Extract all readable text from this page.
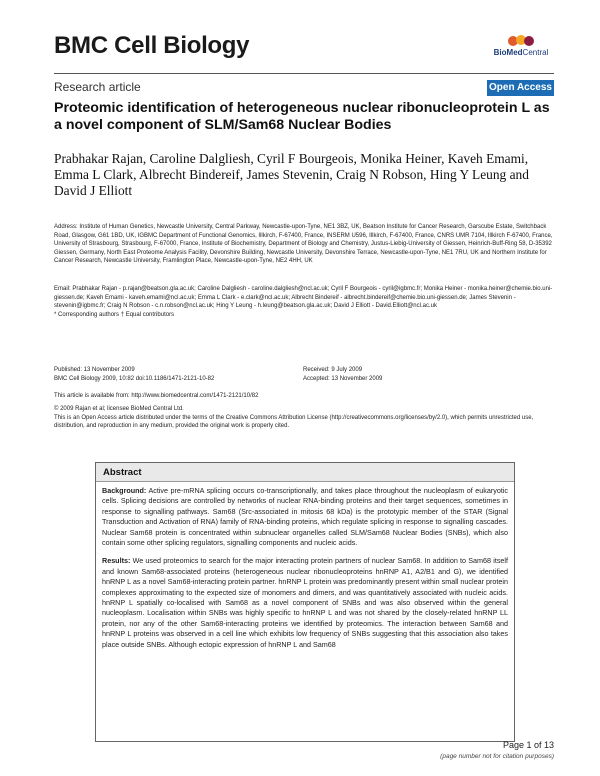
BMC Cell Biology	BioMedCentral
Research article	Open Access
Proteomic identification of heterogeneous nuclear ribonucleoprotein L as a novel component of SLM/Sam68 Nuclear Bodies
Prabhakar Rajan, Caroline Dalgliesh, Cyril F Bourgeois, Monika Heiner, Kaveh Emami, Emma L Clark, Albrecht Bindereif, James Stevenin, Craig N Robson, Hing Y Leung and David J Elliott
Address: Institute of Human Genetics, Newcastle University, Central Parkway, Newcastle-upon-Tyne, NE1 3BZ, UK, Beatson Institute for Cancer Research, Garscube Estate, Switchback Road, Glasgow, G61 1BD, UK, IGBMC Department of Functional Genomics, Illkirch, F-67400, France, INSERM U596, Illkirch, F-67400, France, CNRS UMR 7104, Illkirch F-67400, France, University of Strasbourg, Strasbourg, F-67000, France, Institute of Biochemistry, Department of Biology and Chemistry, Justus-Liebig-University of Giessen, Heinrich-Buff-Ring 58, D-35392 Giessen, Germany, North East Proteome Analysis Facility, Devonshire Building, Newcastle University, Devonshire Terrace, Newcastle-upon-Tyne, NE1 7RU, UK and Northern Institute for Cancer Research, Newcastle University, Framlington Place, Newcastle-upon-Tyne, NE2 4HH, UK
Email: Prabhakar Rajan - p.rajan@beatson.gla.ac.uk; Caroline Dalgliesh - caroline.dalgliesh@ncl.ac.uk; Cyril F Bourgeois - cyril@igbmc.fr; Monika Heiner - monika.heiner@chemie.bio.uni-giessen.de; Kaveh Emami - kaveh.emami@ncl.ac.uk; Emma L Clark - e.clark@ncl.ac.uk; Albrecht Bindereif - albrecht.bindereif@chemie.bio.uni-giessen.de; James Stevenin - stevenin@igbmc.fr; Craig N Robson - c.n.robson@ncl.ac.uk; Hing Y Leung - h.leung@beatson.gla.ac.uk; David J Elliott - David.Elliott@ncl.ac.uk
* Corresponding authors † Equal contributors
Published: 13 November 2009
BMC Cell Biology 2009, 10:82 doi:10.1186/1471-2121-10-82
Received: 9 July 2009
Accepted: 13 November 2009
This article is available from: http://www.biomedcentral.com/1471-2121/10/82
© 2009 Rajan et al; licensee BioMed Central Ltd.
This is an Open Access article distributed under the terms of the Creative Commons Attribution License (http://creativecommons.org/licenses/by/2.0), which permits unrestricted use, distribution, and reproduction in any medium, provided the original work is properly cited.
Abstract

Background: Active pre-mRNA splicing occurs co-transcriptionally, and takes place throughout the nucleoplasm of eukaryotic cells. Splicing decisions are controlled by networks of nuclear RNA-binding proteins and their target sequences, sometimes in response to signalling pathways. Sam68 (Src-associated in mitosis 68 kDa) is the prototypic member of the STAR (Signal Transduction and Activation of RNA) family of RNA-binding proteins, which regulate splicing in response to signalling cascades. Nuclear Sam68 protein is concentrated within subnuclear organelles called SLM/Sam68 Nuclear Bodies (SNBs), which also contain some other splicing regulators, signalling components and nucleic acids.

Results: We used proteomics to search for the major interacting protein partners of nuclear Sam68. In addition to Sam68 itself and known Sam68-associated proteins (heterogeneous nuclear ribonucleoproteins hnRNP A1, A2/B1 and G), we identified hnRNP L as a novel Sam68-interacting protein partner. hnRNP L protein was predominantly present within small nuclear protein complexes approximating to the expected size of monomers and dimers, and was quantitatively associated with nucleic acids. hnRNP L spatially co-localised with Sam68 as a novel component of SNBs and was also observed within the general nucleoplasm. Localisation within SNBs was highly specific to hnRNP L and was not shared by the closely-related hnRNP LL protein, nor any of the other Sam68-interacting proteins we identified by proteomics. The interaction between Sam68 and hnRNP L proteins was observed in a cell line which exhibits low frequency of SNBs suggesting that this association also takes place outside SNBs. Although ectopic expression of hnRNP L and Sam68

Page 1 of 13
(page number not for citation purposes)
